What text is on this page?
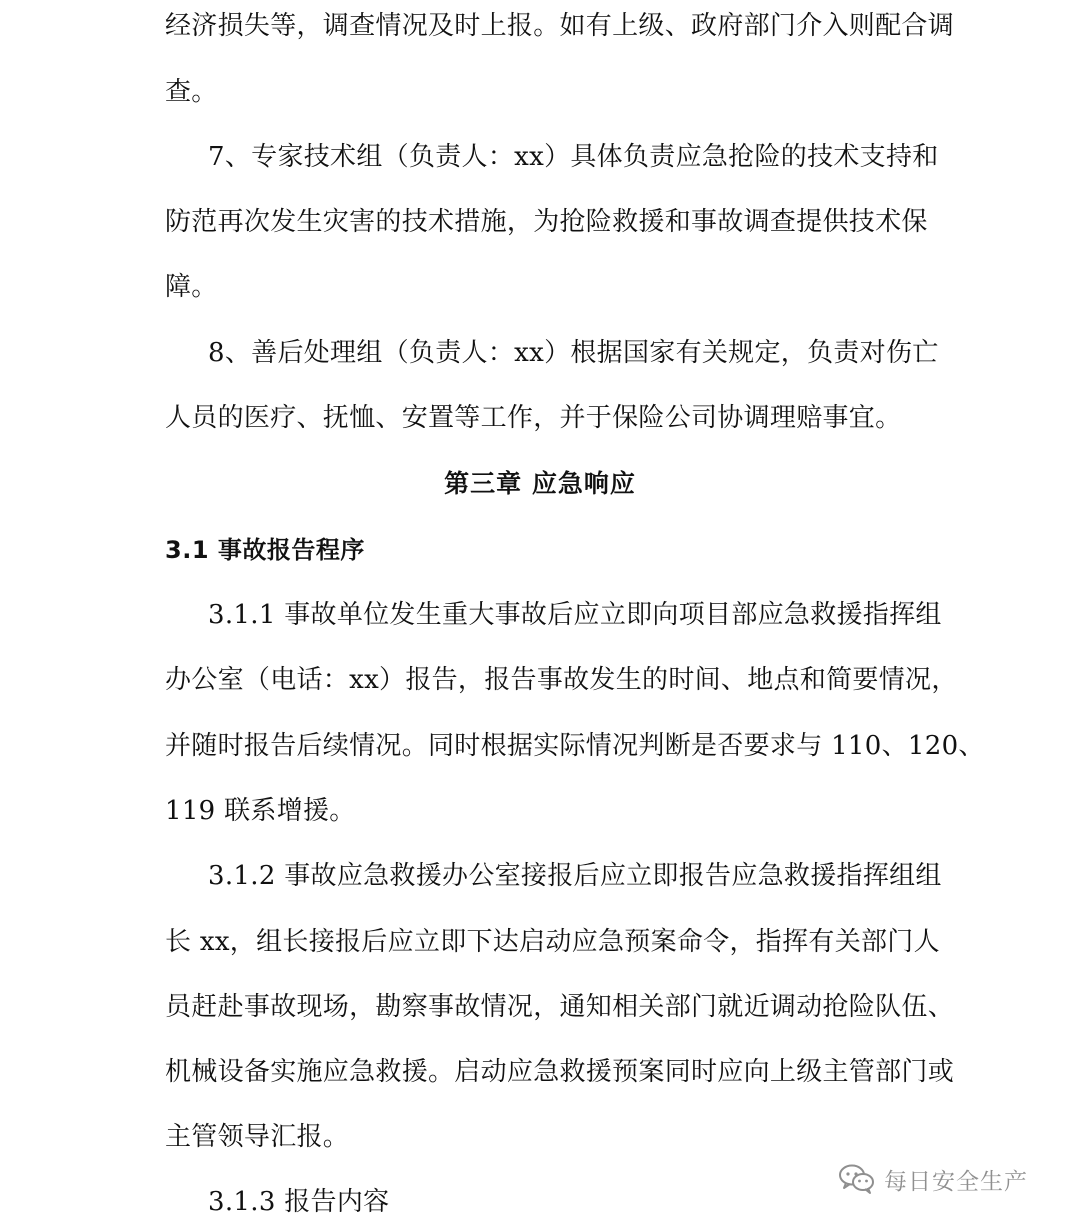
经济损失等，调查情况及时上报。如有上级、政府部门介入则配合调
查。
7、专家技术组（负责人：xx）具体负责应急抢险的技术支持和
防范再次发生灾害的技术措施，为抢险救援和事故调查提供技术保
障。
8、善后处理组（负责人：xx）根据国家有关规定，负责对伤亡
人员的医疗、抚恤、安置等工作，并于保险公司协调理赔事宜。
第三章 应急响应
3.1 事故报告程序
3.1.1 事故单位发生重大事故后应立即向项目部应急救援指挥组
办公室（电话：xx）报告，报告事故发生的时间、地点和简要情况，
并随时报告后续情况。同时根据实际情况判断是否要求与 110、120、
119 联系增援。
3.1.2 事故应急救援办公室接报后应立即报告应急救援指挥组组
长 xx，组长接报后应立即下达启动应急预案命令，指挥有关部门人
员赶赴事故现场，勘察事故情况，通知相关部门就近调动抢险队伍、
机械设备实施应急救援。启动应急救援预案同时应向上级主管部门或
主管领导汇报。
3.1.3 报告内容
每日安全生产
